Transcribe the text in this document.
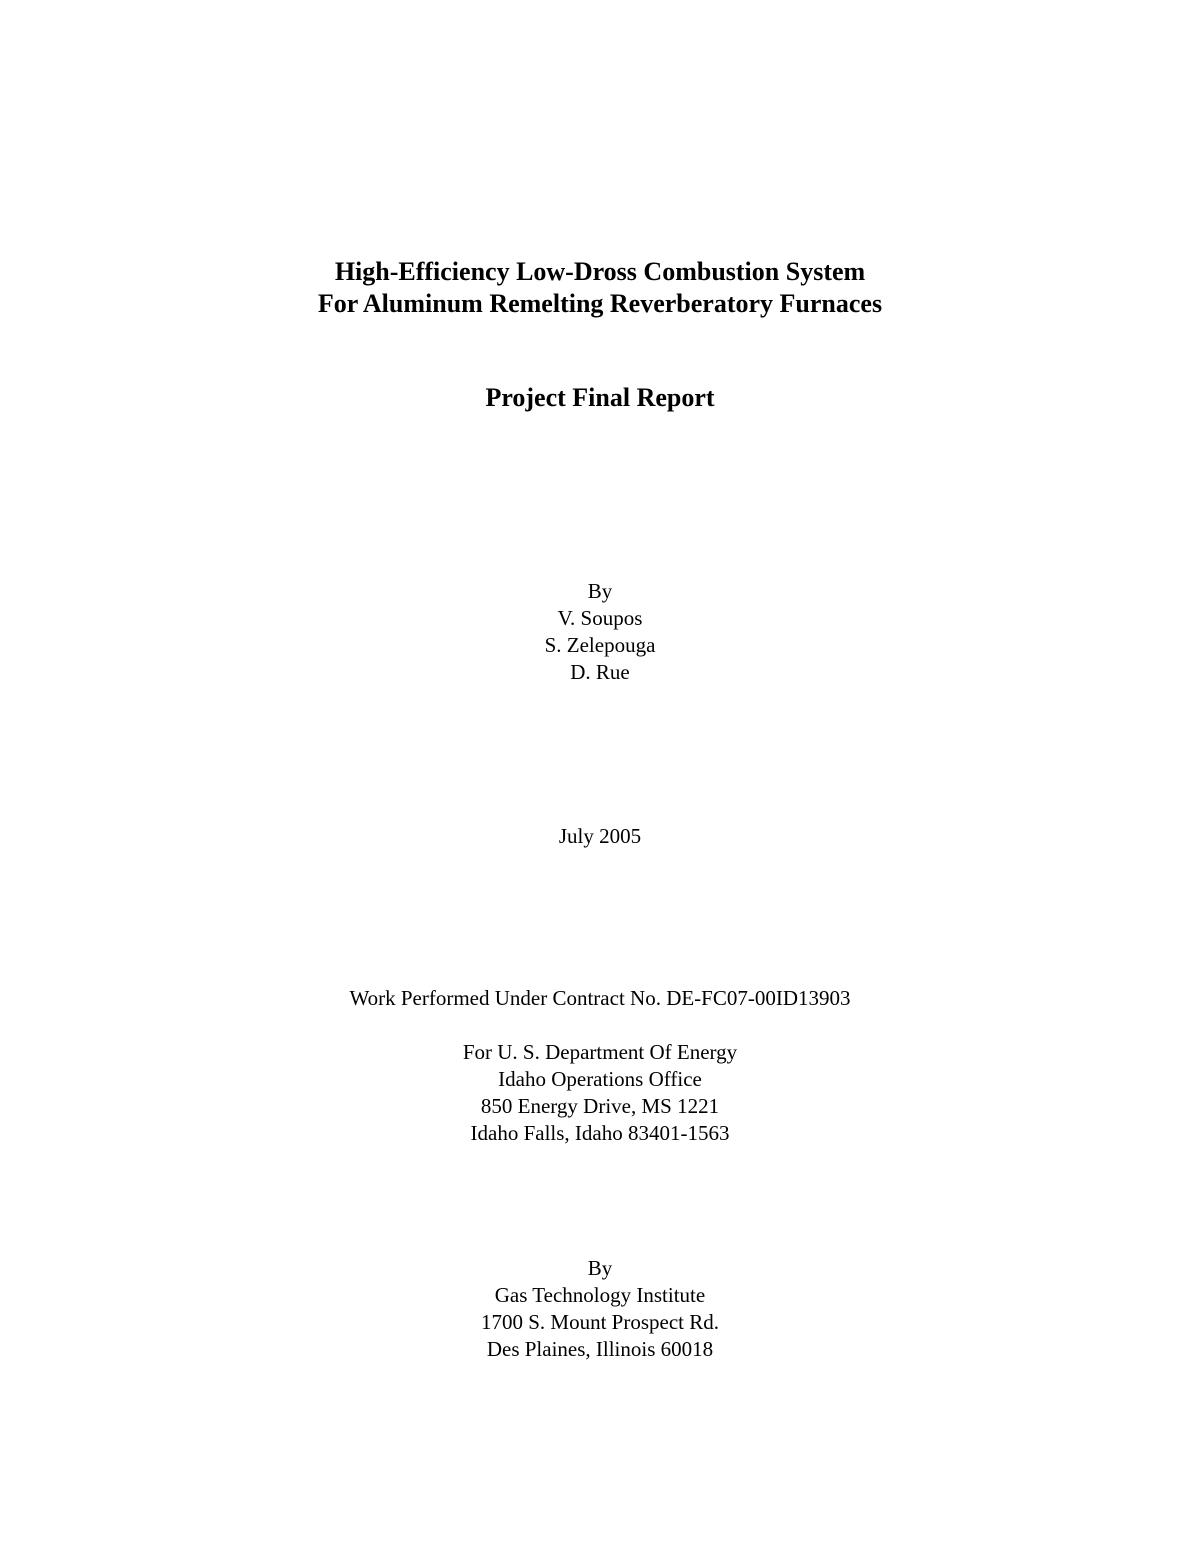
High-Efficiency Low-Dross Combustion System
For Aluminum Remelting Reverberatory Furnaces
Project Final Report
By
V. Soupos
S. Zelepouga
D. Rue
July 2005
Work Performed Under Contract No. DE-FC07-00ID13903
For U. S. Department Of Energy
Idaho Operations Office
850 Energy Drive, MS 1221
Idaho Falls, Idaho 83401-1563
By
Gas Technology Institute
1700 S. Mount Prospect Rd.
Des Plaines, Illinois 60018
